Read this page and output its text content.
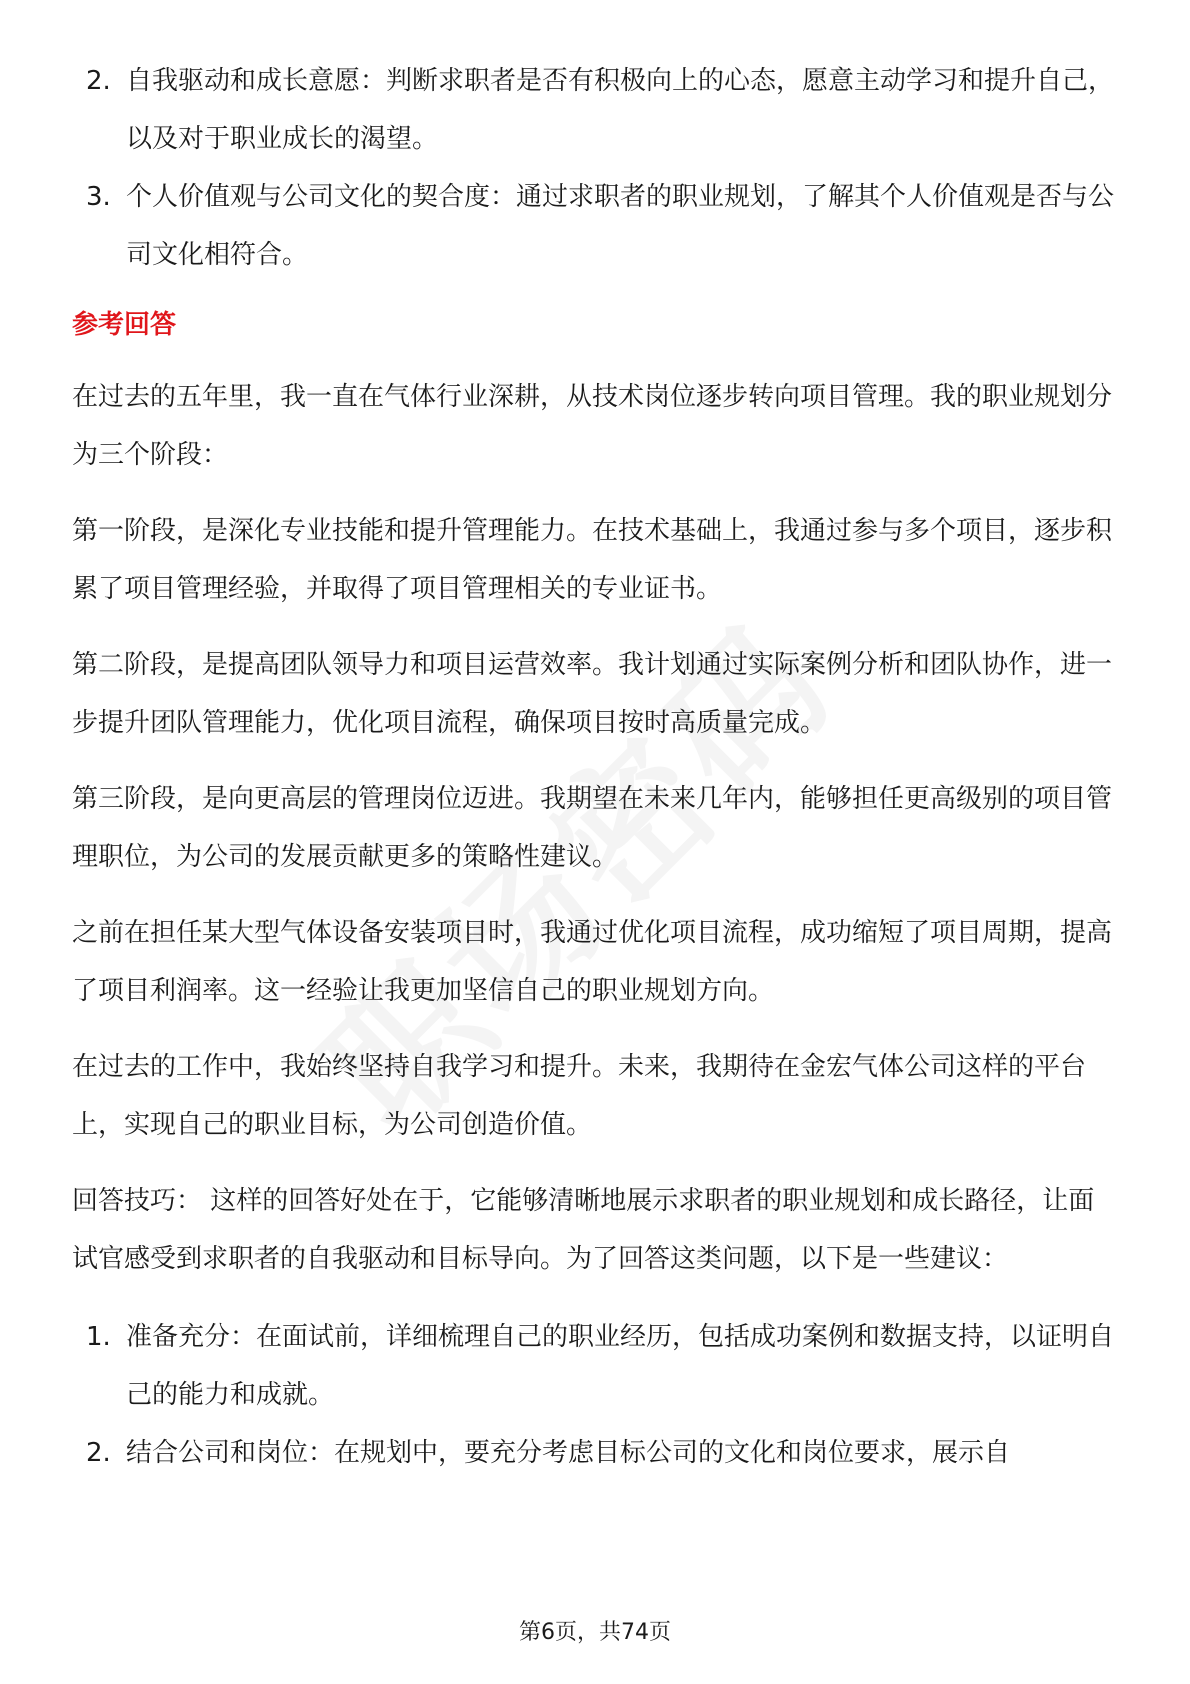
2. 自我驱动和成长意愿：判断求职者是否有积极向上的心态，愿意主动学习和提升自己，以及对于职业成长的渴望。
3. 个人价值观与公司文化的契合度：通过求职者的职业规划，了解其个人价值观是否与公司文化相符合。
参考回答

在过去的五年里，我一直在气体行业深耕，从技术岗位逐步转向项目管理。我的职业规划分为三个阶段：

第一阶段，是深化专业技能和提升管理能力。在技术基础上，我通过参与多个项目，逐步积累了项目管理经验，并取得了项目管理相关的专业证书。

第二阶段，是提高团队领导力和项目运营效率。我计划通过实际案例分析和团队协作，进一步提升团队管理能力，优化项目流程，确保项目按时高质量完成。

第三阶段，是向更高层的管理岗位迈进。我期望在未来几年内，能够担任更高级别的项目管理职位，为公司的发展贡献更多的策略性建议。

之前在担任某大型气体设备安装项目时，我通过优化项目流程，成功缩短了项目周期，提高了项目利润率。这一经验让我更加坚信自己的职业规划方向。

在过去的工作中，我始终坚持自我学习和提升。未来，我期待在金宏气体公司这样的平台上，实现自己的职业目标，为公司创造价值。

回答技巧： 这样的回答好处在于，它能够清晰地展示求职者的职业规划和成长路径，让面试官感受到求职者的自我驱动和目标导向。为了回答这类问题，以下是一些建议：

1. 准备充分：在面试前，详细梳理自己的职业经历，包括成功案例和数据支持，以证明自己的能力和成就。
2. 结合公司和岗位：在规划中，要充分考虑目标公司的文化和岗位要求，展示自
第6页，共74页
